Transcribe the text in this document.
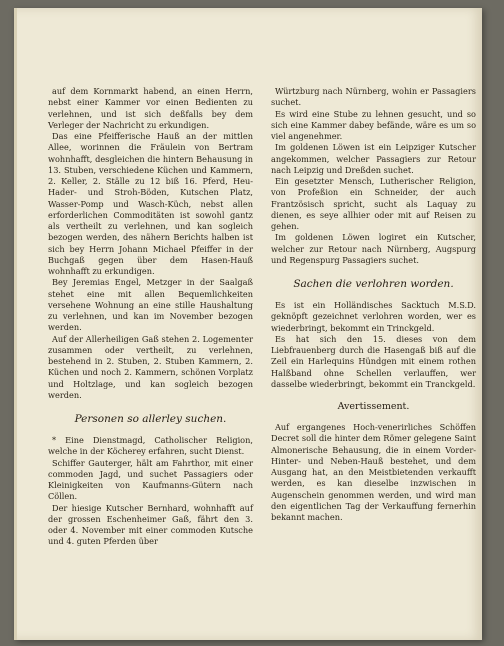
auf dem Kornmarkt habend, an einen Herrn, nebst einer Kammer vor einen Bedienten zu verlehnen, und ist sich deßfalls bey dem Verleger der Nachricht zu erkundigen.

Das eine Pfeifferische Hauß an der mittlen Allee, worinnen die Fräulein von Bertram wohnhafft, desgleichen die hintern Behausung in 13. Stuben, verschiedene Küchen und Kammern, 2. Keller, 2. Ställe zu 12 biß 16. Pferd, Heu- Hader- und Stroh-Böden, Kutschen Platz, Wasser-Pomp und Wasch-Küch, nebst allen erforderlichen Commoditäten ist sowohl gantz als vertheilt zu verlehnen, und kan sogleich bezogen werden, des nähern Berichts halben ist sich bey Herrn Johann Michael Pfeiffer in der Buchgaß gegen über dem Hasen-Hauß wohnhafft zu erkundigen.

Bey Jeremias Engel, Metzger in der Saalgaß stehet eine mit allen Bequemlichkeiten versehene Wohnung an eine stille Haushaltung zu verlehnen, und kan im November bezogen werden.

Auf der Allerheiligen Gaß stehen 2. Logementer zusammen oder vertheilt, zu verlehnen, bestehend in 2. Stuben, 2. Stuben Kammern, 2. Küchen und noch 2. Kammern, schönen Vorplatz und Holtzlage, und kan sogleich bezogen werden.

Personen so allerley suchen.

* Eine Dienstmagd, Catholischer Religion, welche in der Köcherey erfahren, sucht Dienst.

Schiffer Gauterger, hält am Fahrthor, mit einer commoden Jagd, und suchet Passagiers oder Kleinigkeiten von Kaufmanns-Gütern nach Cöllen.

Der hiesige Kutscher Bernhard, wohnhafft auf der grossen Eschenheimer Gaß, fährt den 3. oder 4. November mit einer commoden Kutsche und 4. guten Pferden über

Würtzburg nach Nürnberg, wohin er Passagiers suchet.

Es wird eine Stube zu lehnen gesucht, und so sich eine Kammer dabey befände, wäre es um so viel angenehmer.

Im goldenen Löwen ist ein Leipziger Kutscher angekommen, welcher Passagiers zur Retour nach Leipzig und Dreßden suchet.

Ein gesetzter Mensch, Lutherischer Religion, von Profeßion ein Schneider, der auch Frantzösisch spricht, sucht als Laquay zu dienen, es seye allhier oder mit auf Reisen zu gehen.

Im goldenen Löwen logiret ein Kutscher, welcher zur Retour nach Nürnberg, Augspurg und Regenspurg Passagiers suchet.

Sachen die verlohren worden.

Es ist ein Holländisches Sacktuch M.S.D. geknöpft gezeichnet verlohren worden, wer es wiederbringt, bekommt ein Trinckgeld.

Es hat sich den 15. dieses von dem Liebfrauenberg durch die Hasengaß biß auf die Zeil ein Harlequins Hündgen mit einem rothen Halßband ohne Schellen verlauffen, wer dasselbe wiederbringt, bekommt ein Tranckgeld.

Avertissement.

Auf ergangenes Hoch-venerirliches Schöffen Decret soll die hinter dem Römer gelegene Saint Almonerische Behausung, die in einem Vorder- Hinter- und Neben-Hauß bestehet, und dem Ausgang hat, an den Meistbietenden verkaufft werden, es kan dieselbe inzwischen in Augenschein genommen werden, und wird man den eigentlichen Tag der Verkauffung fernerhin bekannt machen.
